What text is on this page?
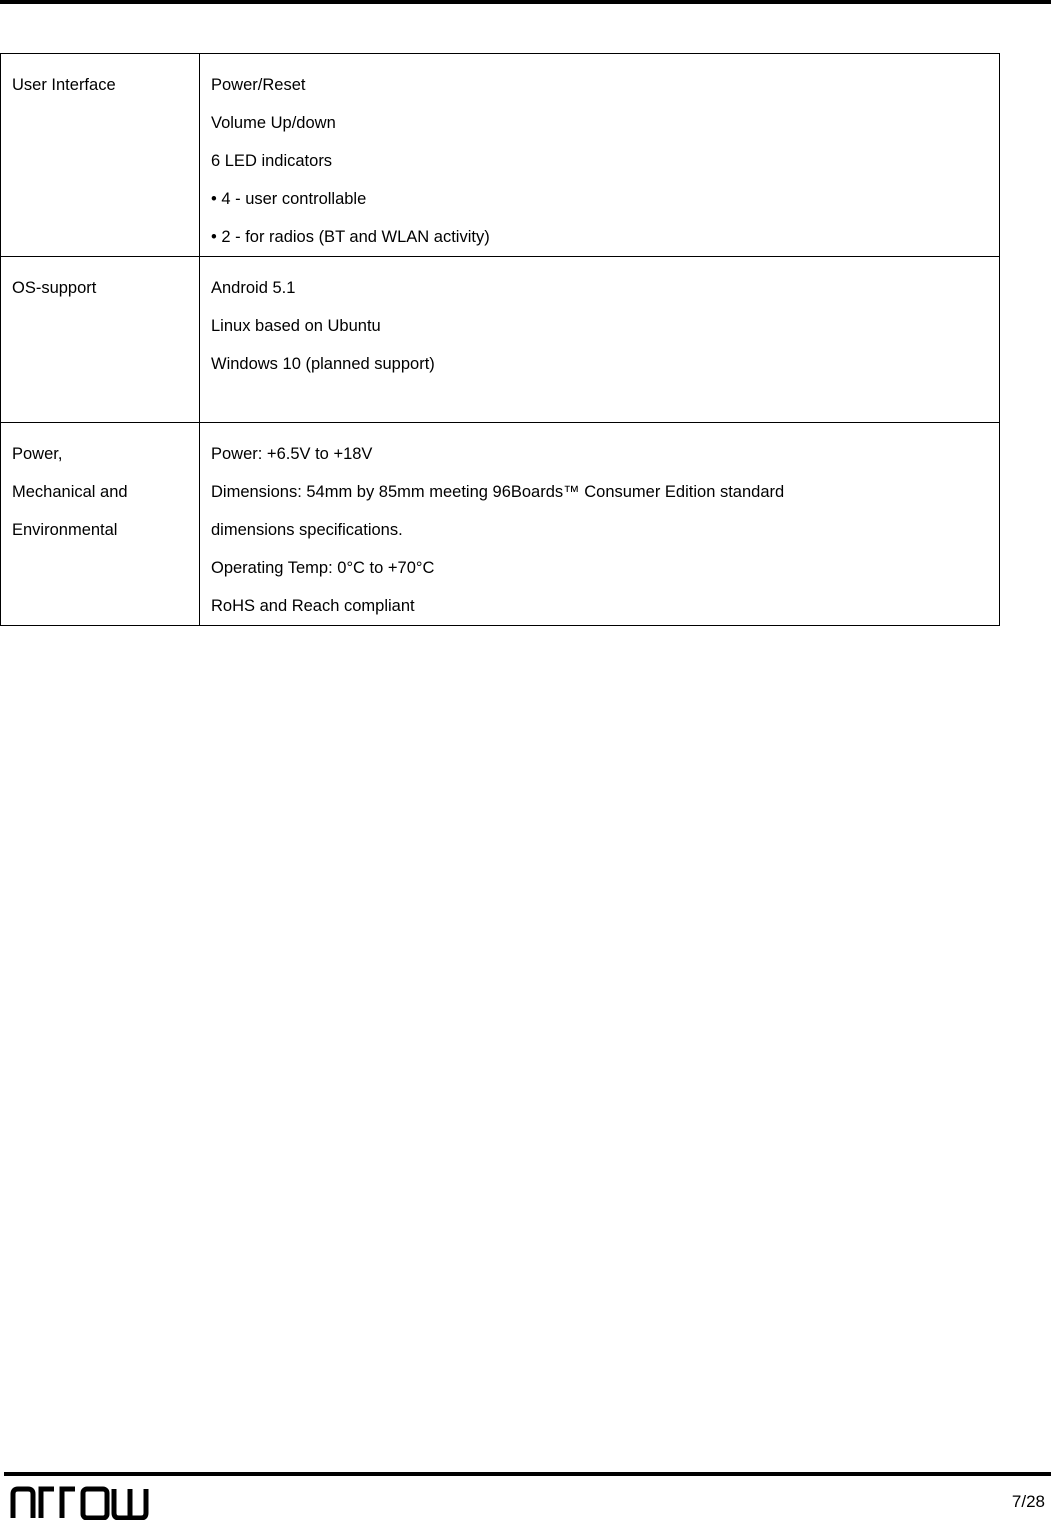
User Interface	Power/Reset
Volume Up/down
6 LED indicators
• 4 - user controllable
• 2 - for radios (BT and WLAN activity)

OS-support	Android 5.1
Linux based on Ubuntu
Windows 10 (planned support)

Power,
Mechanical and
Environmental	Power: +6.5V to +18V
Dimensions: 54mm by 85mm meeting 96Boards™ Consumer Edition standard
dimensions specifications.
Operating Temp: 0°C to +70°C
RoHS and Reach compliant
7/28
